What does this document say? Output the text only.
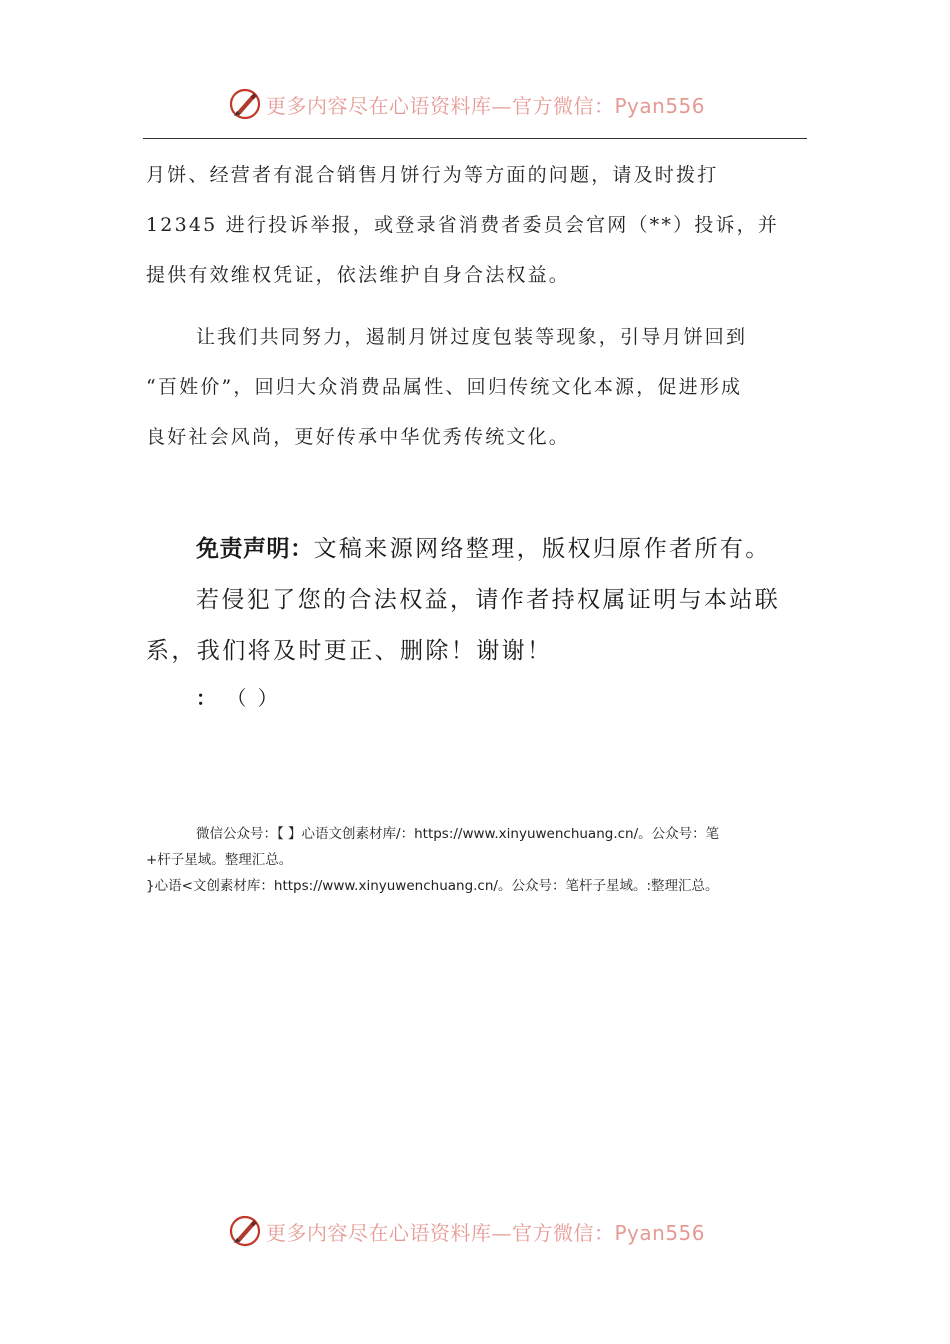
更多内容尽在心语资料库—官方微信：Pyan556
月饼、经营者有混合销售月饼行为等方面的问题，请及时拨打
12345 进行投诉举报，或登录省消费者委员会官网（**）投诉，并
提供有效维权凭证，依法维护自身合法权益。
让我们共同努力，遏制月饼过度包装等现象，引导月饼回到
“百姓价”，回归大众消费品属性、回归传统文化本源，促进形成
良好社会风尚，更好传承中华优秀传统文化。
免责声明：文稿来源网络整理，版权归原作者所有。
若侵犯了您的合法权益，请作者持权属证明与本站联
系，我们将及时更正、删除！谢谢！
： （ ）
微信公众号：【 】心语文创素材库/：https://www.xinyuwenchuang.cn/。公众号：笔
+杆子星域。整理汇总。
}心语<文创素材库：https://www.xinyuwenchuang.cn/。公众号：笔杆子星域。:整理汇总。
更多内容尽在心语资料库—官方微信：Pyan556
